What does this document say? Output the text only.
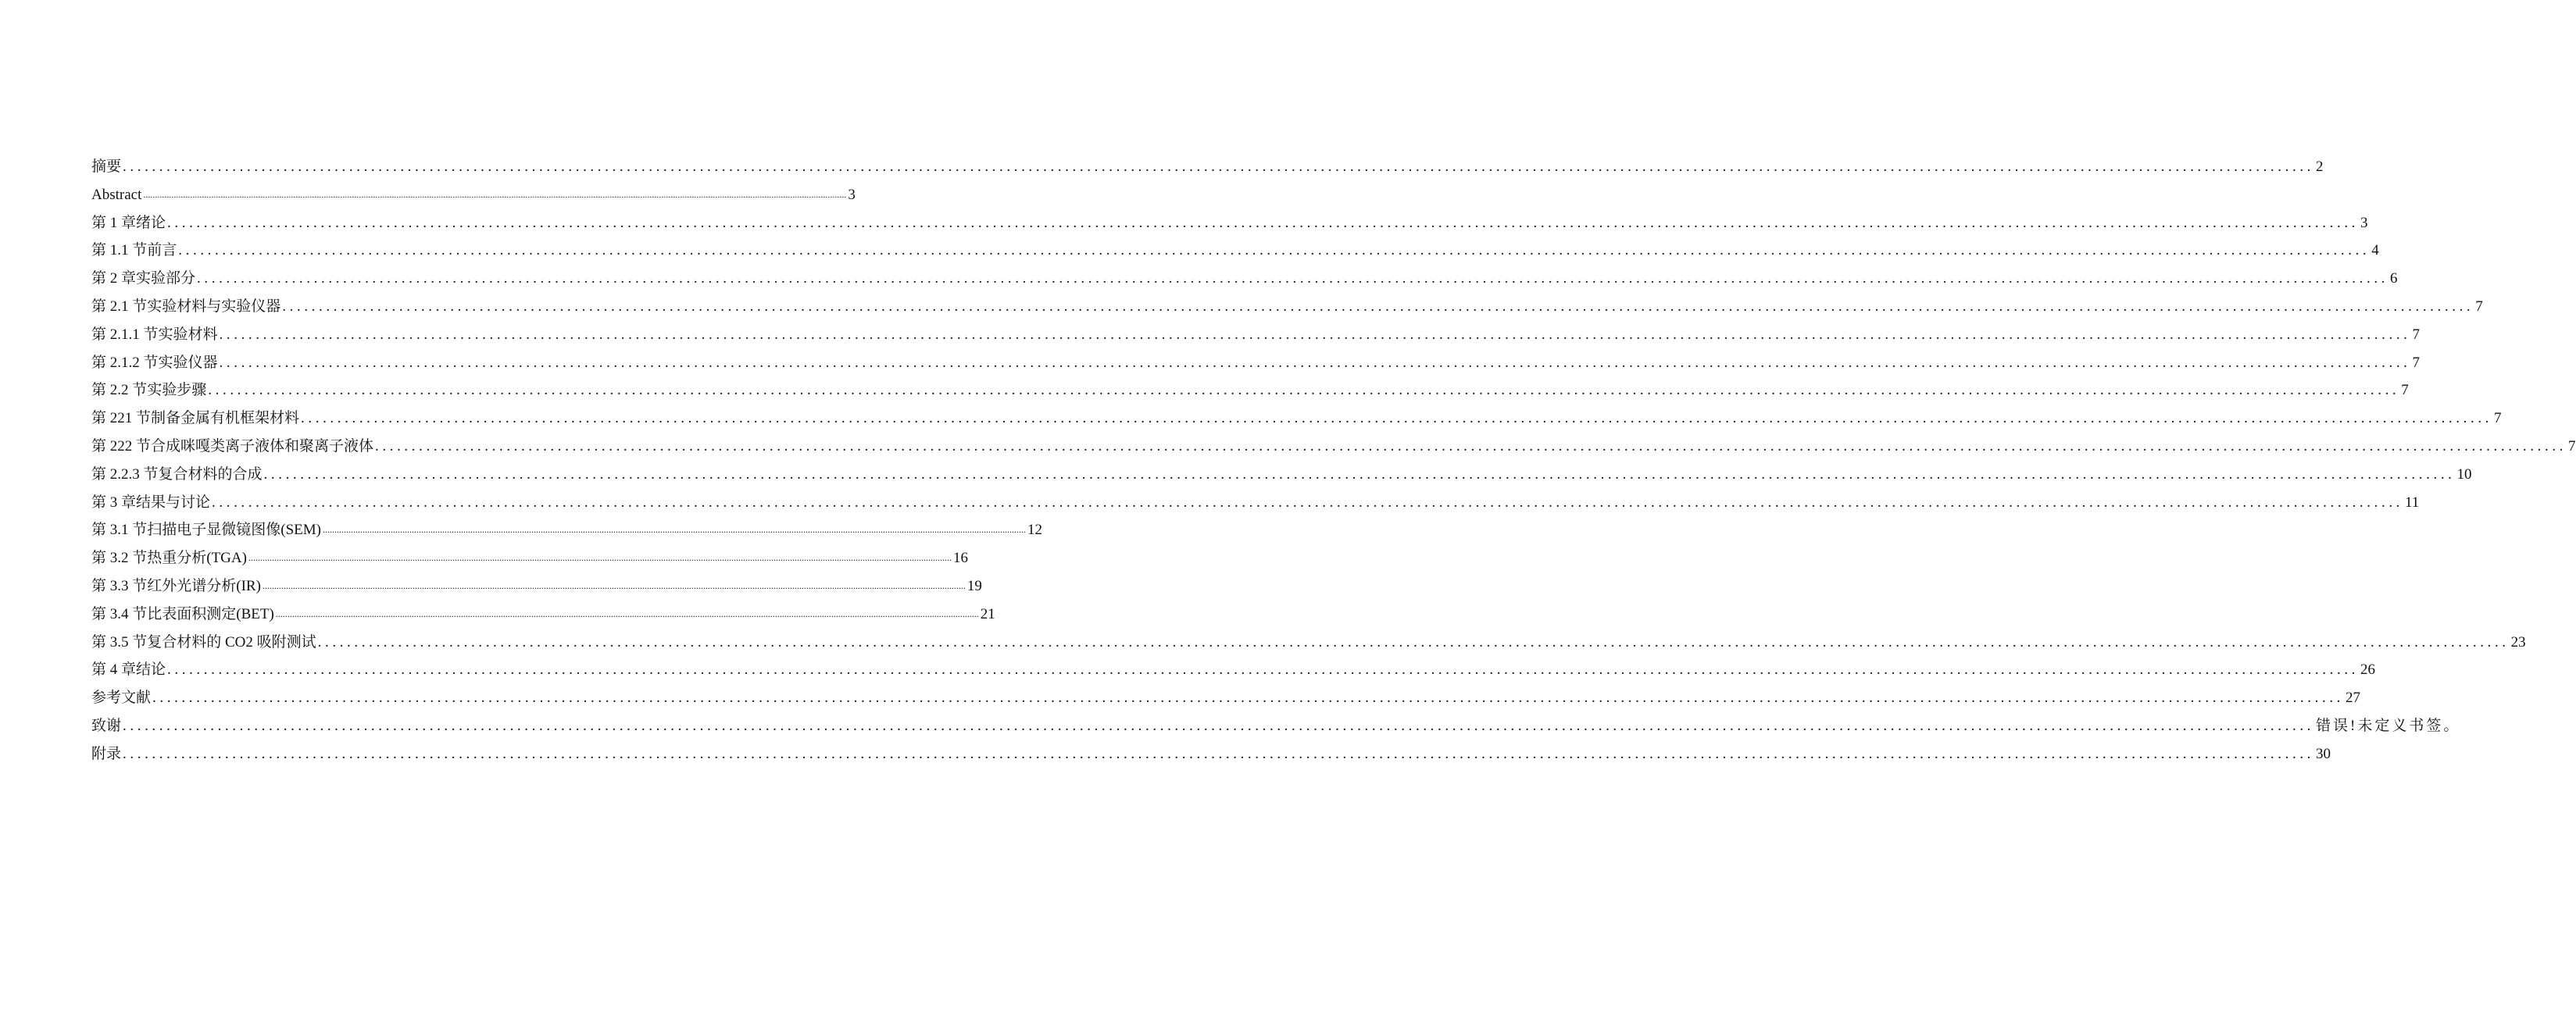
摘要 ............................................................................................................................................................................................................................................................................................................ 2
Abstract ............................................................................................................................................................................................................................................................................................................ 3
第 1 章绪论 ............................................................................................................................................................................................................................................................................................................ 3
第 1.1 节前言 ............................................................................................................................................................................................................................................................................................................ 4
第 2 章实验部分 ............................................................................................................................................................................................................................................................................................................ 6
第 2.1 节实验材料与实验仪器 ............................................................................................................................................................................................................................................................................................................ 7
第 2.1.1 节实验材料 ............................................................................................................................................................................................................................................................................................................ 7
第 2.1.2 节实验仪器 ............................................................................................................................................................................................................................................................................................................ 7
第 2.2 节实验步骤 ............................................................................................................................................................................................................................................................................................................ 7
第 221 节制备金属有机框架材料 ............................................................................................................................................................................................................................................................................................................ 7
第 222 节合成咪嘎类离子液体和聚离子液体 ............................................................................................................................................................................................................................................................................................................ 7
第 2.2.3 节复合材料的合成 ............................................................................................................................................................................................................................................................................................................ 10
第 3 章结果与讨论 ............................................................................................................................................................................................................................................................................................................ 11
第 3.1 节扫描电子显微镜图像(SEM) ............................................................................................................................................................................................................................................................................................................ 12
第 3.2 节热重分析(TGA) ............................................................................................................................................................................................................................................................................................................ 16
第 3.3 节红外光谱分析(IR) ............................................................................................................................................................................................................................................................................................................ 19
第 3.4 节比表面积测定(BET) ............................................................................................................................................................................................................................................................................................................ 21
第 3.5 节复合材料的 CO2 吸附测试 ............................................................................................................................................................................................................................................................................................................ 23
第 4 章结论 ............................................................................................................................................................................................................................................................................................................ 26
参考文献 ............................................................................................................................................................................................................................................................................................................ 27
致谢 ............................................................................................................................................................................................................................................................................................................ 错误!未定义书签。
附录 ............................................................................................................................................................................................................................................................................................................ 30
